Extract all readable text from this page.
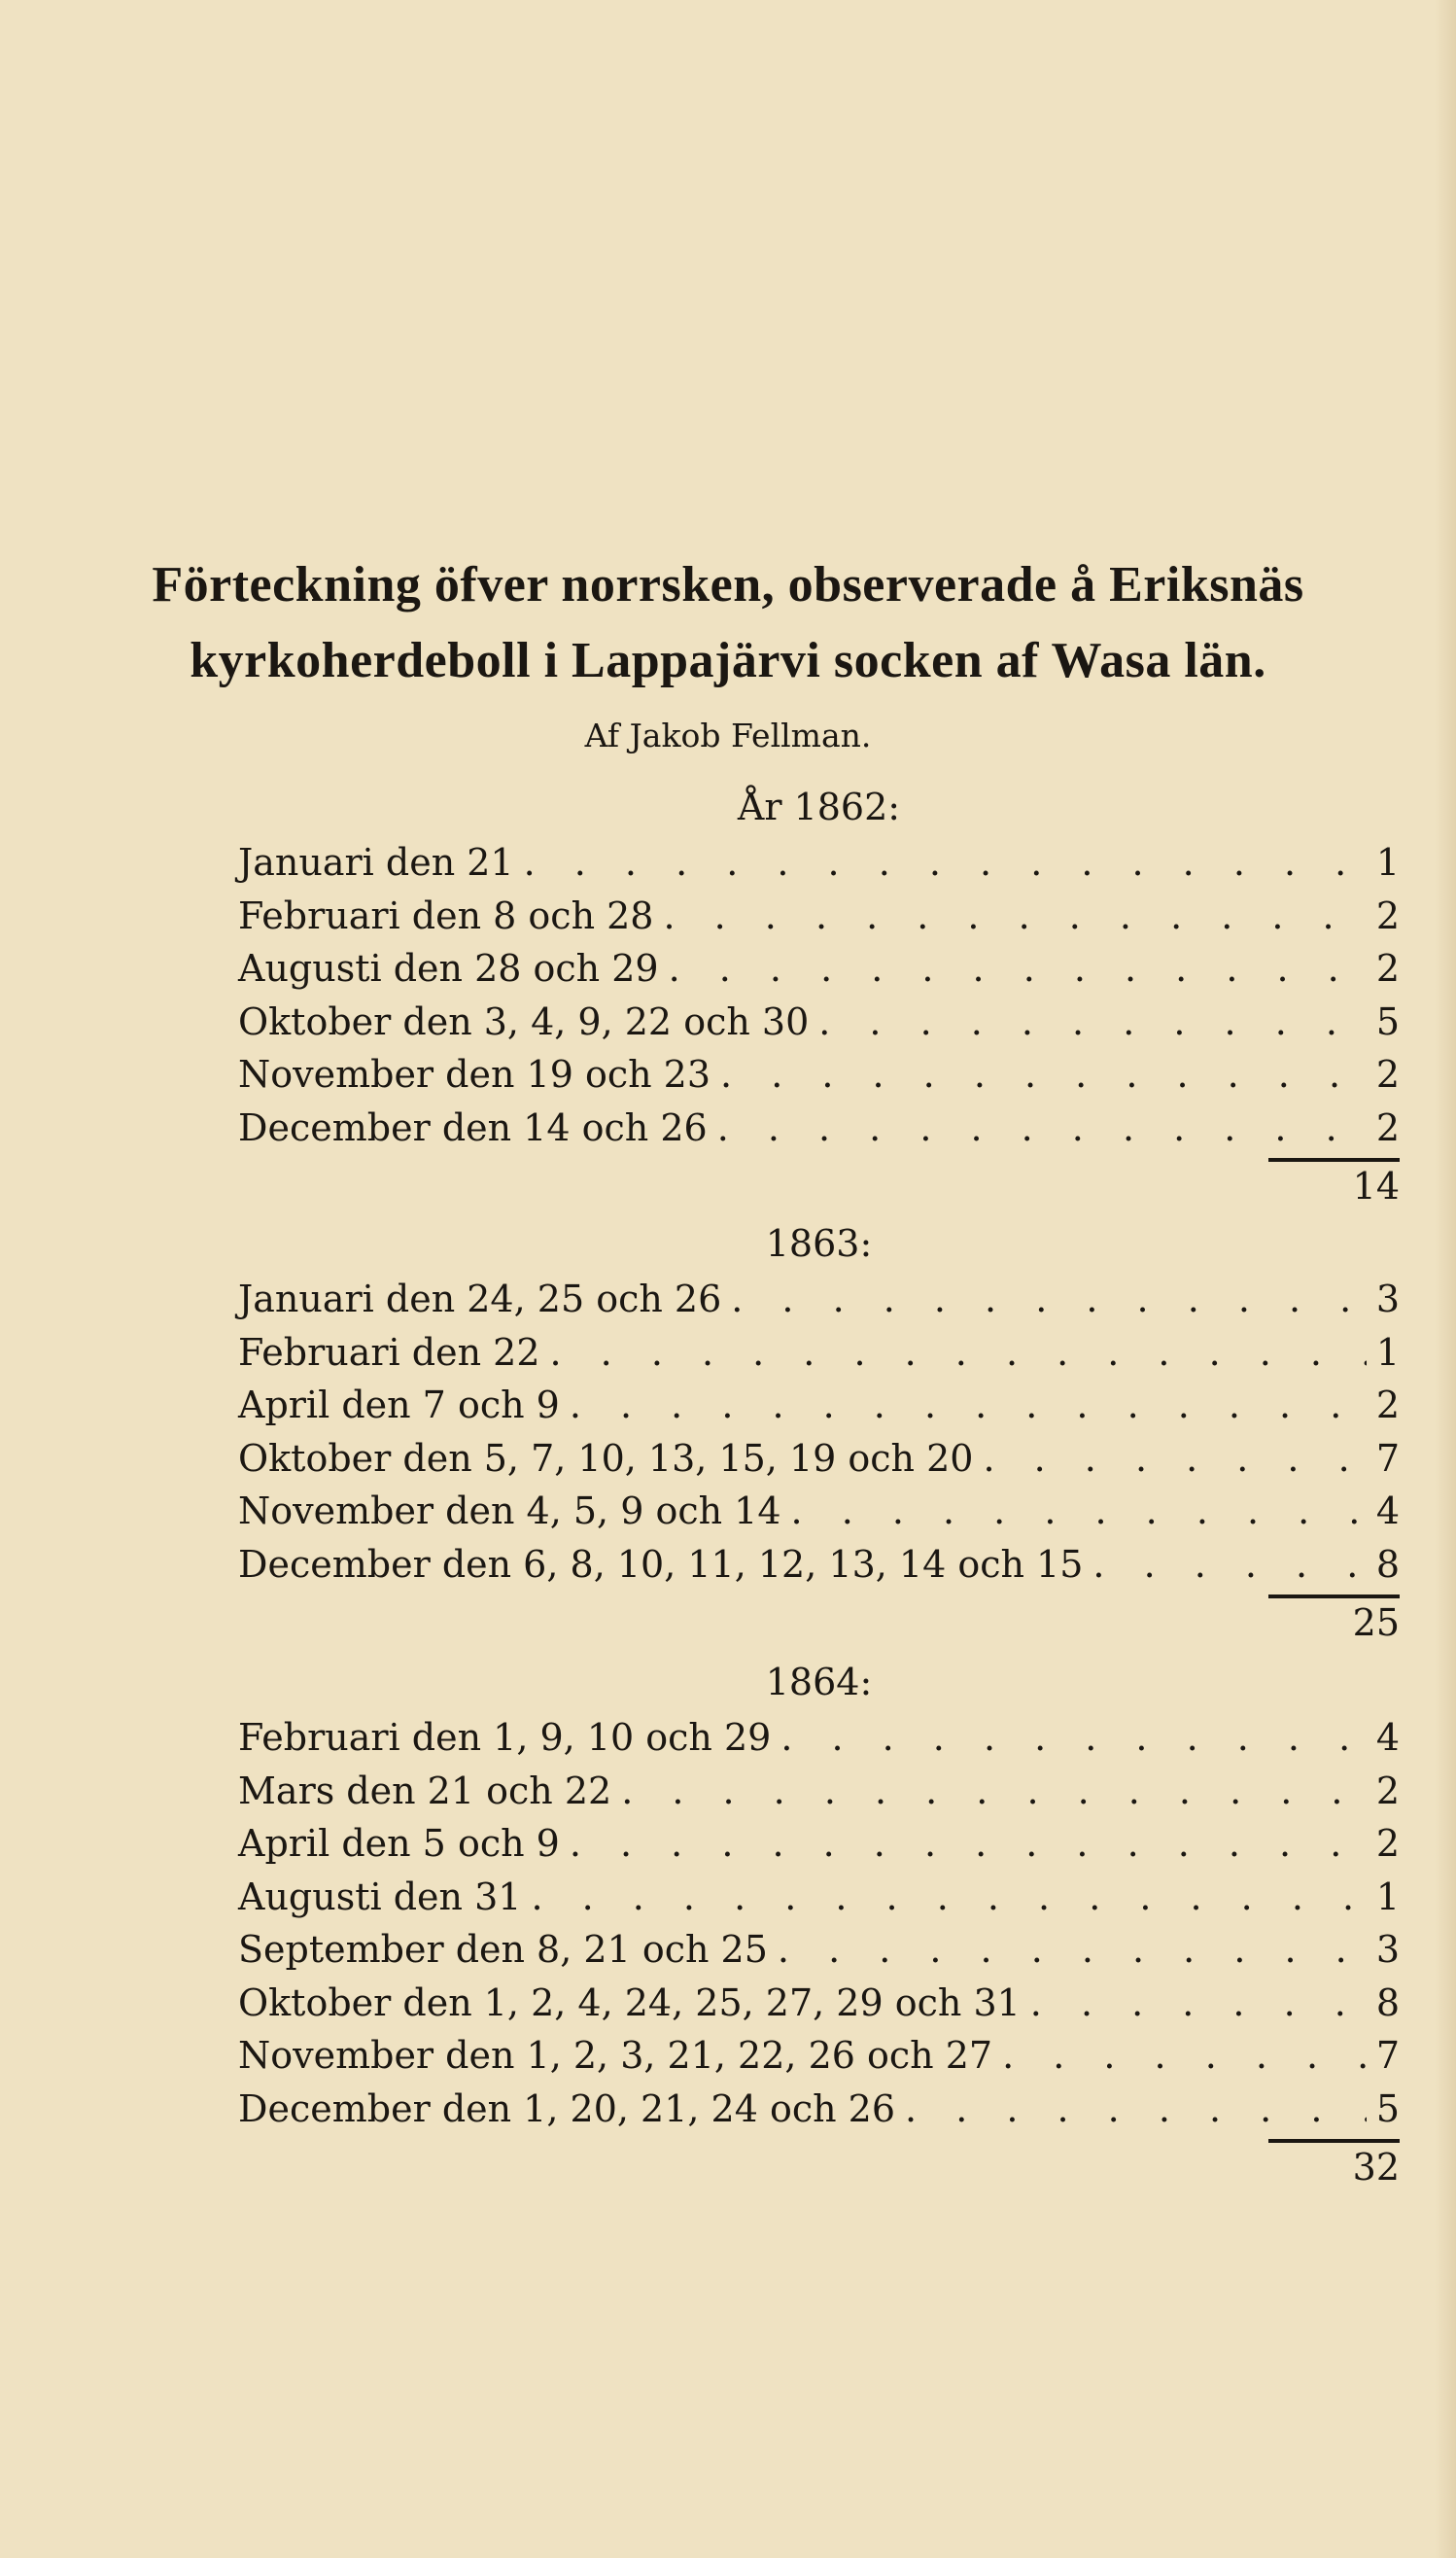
Förteckning öfver norrsken, observerade å Eriksnäs
kyrkoherdeboll i Lappajärvi socken af Wasa län.

Af Jakob Fellman.

År 1862:
Januari den 21 . . .	1
Februari den 8 och 28 . . .	2
Augusti den 28 och 29 . . .	2
Oktober den 3, 4, 9, 22 och 30 . . .	5
November den 19 och 23 . . .	2
December den 14 och 26 . . .	2
14
1863:
Januari den 24, 25 och 26 . . .	3
Februari den 22 . . .	1
April den 7 och 9 . . .	2
Oktober den 5, 7, 10, 13, 15, 19 och 20 . . .	7
November den 4, 5, 9 och 14 . . .	4
December den 6, 8, 10, 11, 12, 13, 14 och 15 . . .	8
25
1864:
Februari den 1, 9, 10 och 29 . . .	4
Mars den 21 och 22 . . .	2
April den 5 och 9 . . .	2
Augusti den 31 . . .	1
September den 8, 21 och 25 . . .	3
Oktober den 1, 2, 4, 24, 25, 27, 29 och 31 . . .	8
November den 1, 2, 3, 21, 22, 26 och 27 . . .	7
December den 1, 20, 21, 24 och 26 . . .	5
32
